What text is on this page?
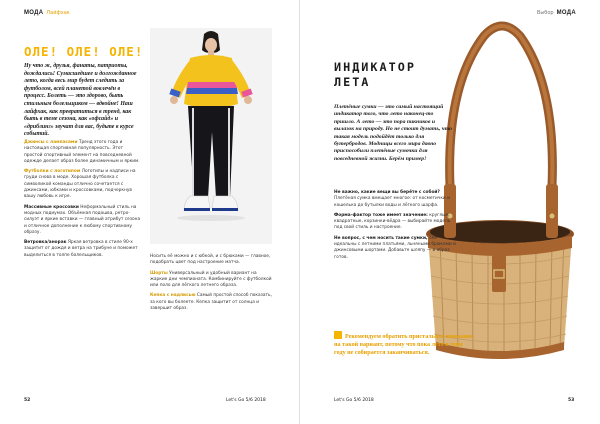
МОДА Лайфхак
ОЛЕ! ОЛЕ! ОЛЕ!
Ну что ж, друзья, фанаты, патриоты, дождались! Сумасшедшее и долгожданное лето, когда весь мир будет следить за футболом, всей планетой вовлечён в процесс. Болеть — это здорово, быть стильным болельщиком — вдвойне! Наш лайфхак, как превратиться в тренд, как быть в теме сезона, как «офсайд» и «дриблинг» звучат для вас, будьте в курсе событий.

Джинсы с лампасами Тренд этого года и настоящая спортивная популярность. Этот простой спортивный элемент на повседневной одежде делает образ более динамичным и ярким.

Футболки с логотипом Логотипы и надписи на груди снова в моде. Хорошая футболка с символикой команды отлично сочетается с джинсами, юбками и кроссовками, подчеркнув вашу любовь к игре.

Массивные кроссовки Неформальный стиль на модных подиумах. Объёмная подошва, ретро-силуэт и яркие вставки — главный атрибут сезона и отличное дополнение к любому спортивному образу.

Ветровка/анорак Яркая ветровка в стиле 90-х защитит от дождя и ветра на трибуне и поможет выделиться в толпе болельщиков.	Носить её можно и с юбкой, и с брюками — главное, подобрать цвет под настроение матча.

Шорты Универсальный и удобный вариант на жаркие дни чемпионата. Комбинируйте с футболкой или поло для лёгкого летнего образа.

Кепка с надписью Самый простой способ показать, за кого вы болеете. Кепка защитит от солнца и завершит образ.

52	Let's Go 5/6 2018
Выбор МОДА
ИНДИКАТОР
ЛЕТА
Плетёные сумки — это самый настоящий индикатор того, что лето наконец-то пришло. А лето — это пора пикников и вылазок на природу. Но не стоит думать, что такая модель подойдёт только для бутербродов. Модницы всего мира давно приспособили плетёные сумочки для повседневной жизни. Берём пример!

Не важно, какие вещи вы берёте с собой? Плетёная сумка вмещает многое: от косметички и кошелька до бутылки воды и лёгкого шарфа.

Форма-фактор тоже имеет значение: круглые, квадратные, корзинки-вёдра — выбирайте модель под свой стиль и настроение.

Не вопрос, с чем носить такие сумки, оне идеальны с летними платьями, льняными брюками и джинсовыми шортами. Добавьте шляпу — и образ готов.

Рекомендуем обратить пристальное внимание на такой вариант, потому что пока лето в этом году не собирается заканчиваться.
Let's Go 5/6 2018	53
